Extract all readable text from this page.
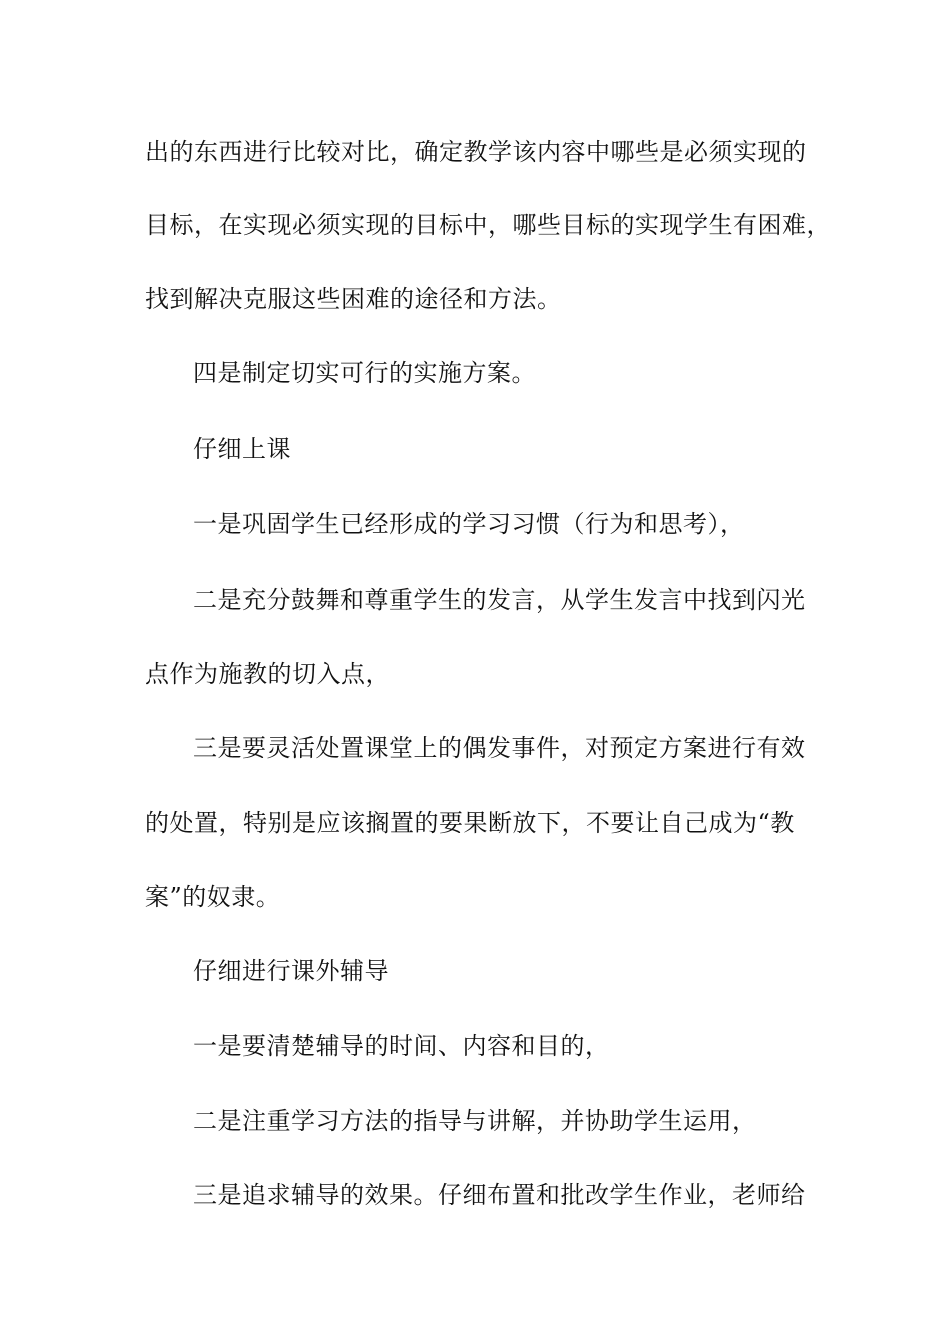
出的东西进行比较对比，确定教学该内容中哪些是必须实现的
目标，在实现必须实现的目标中，哪些目标的实现学生有困难，
找到解决克服这些困难的途径和方法。
四是制定切实可行的实施方案。
仔细上课
一是巩固学生已经形成的学习习惯（行为和思考），
二是充分鼓舞和尊重学生的发言，从学生发言中找到闪光
点作为施教的切入点，
三是要灵活处置课堂上的偶发事件，对预定方案进行有效
的处置，特别是应该搁置的要果断放下，不要让自己成为“教
案”的奴隶。
仔细进行课外辅导
一是要清楚辅导的时间、内容和目的，
二是注重学习方法的指导与讲解，并协助学生运用，
三是追求辅导的效果。仔细布置和批改学生作业，老师给
